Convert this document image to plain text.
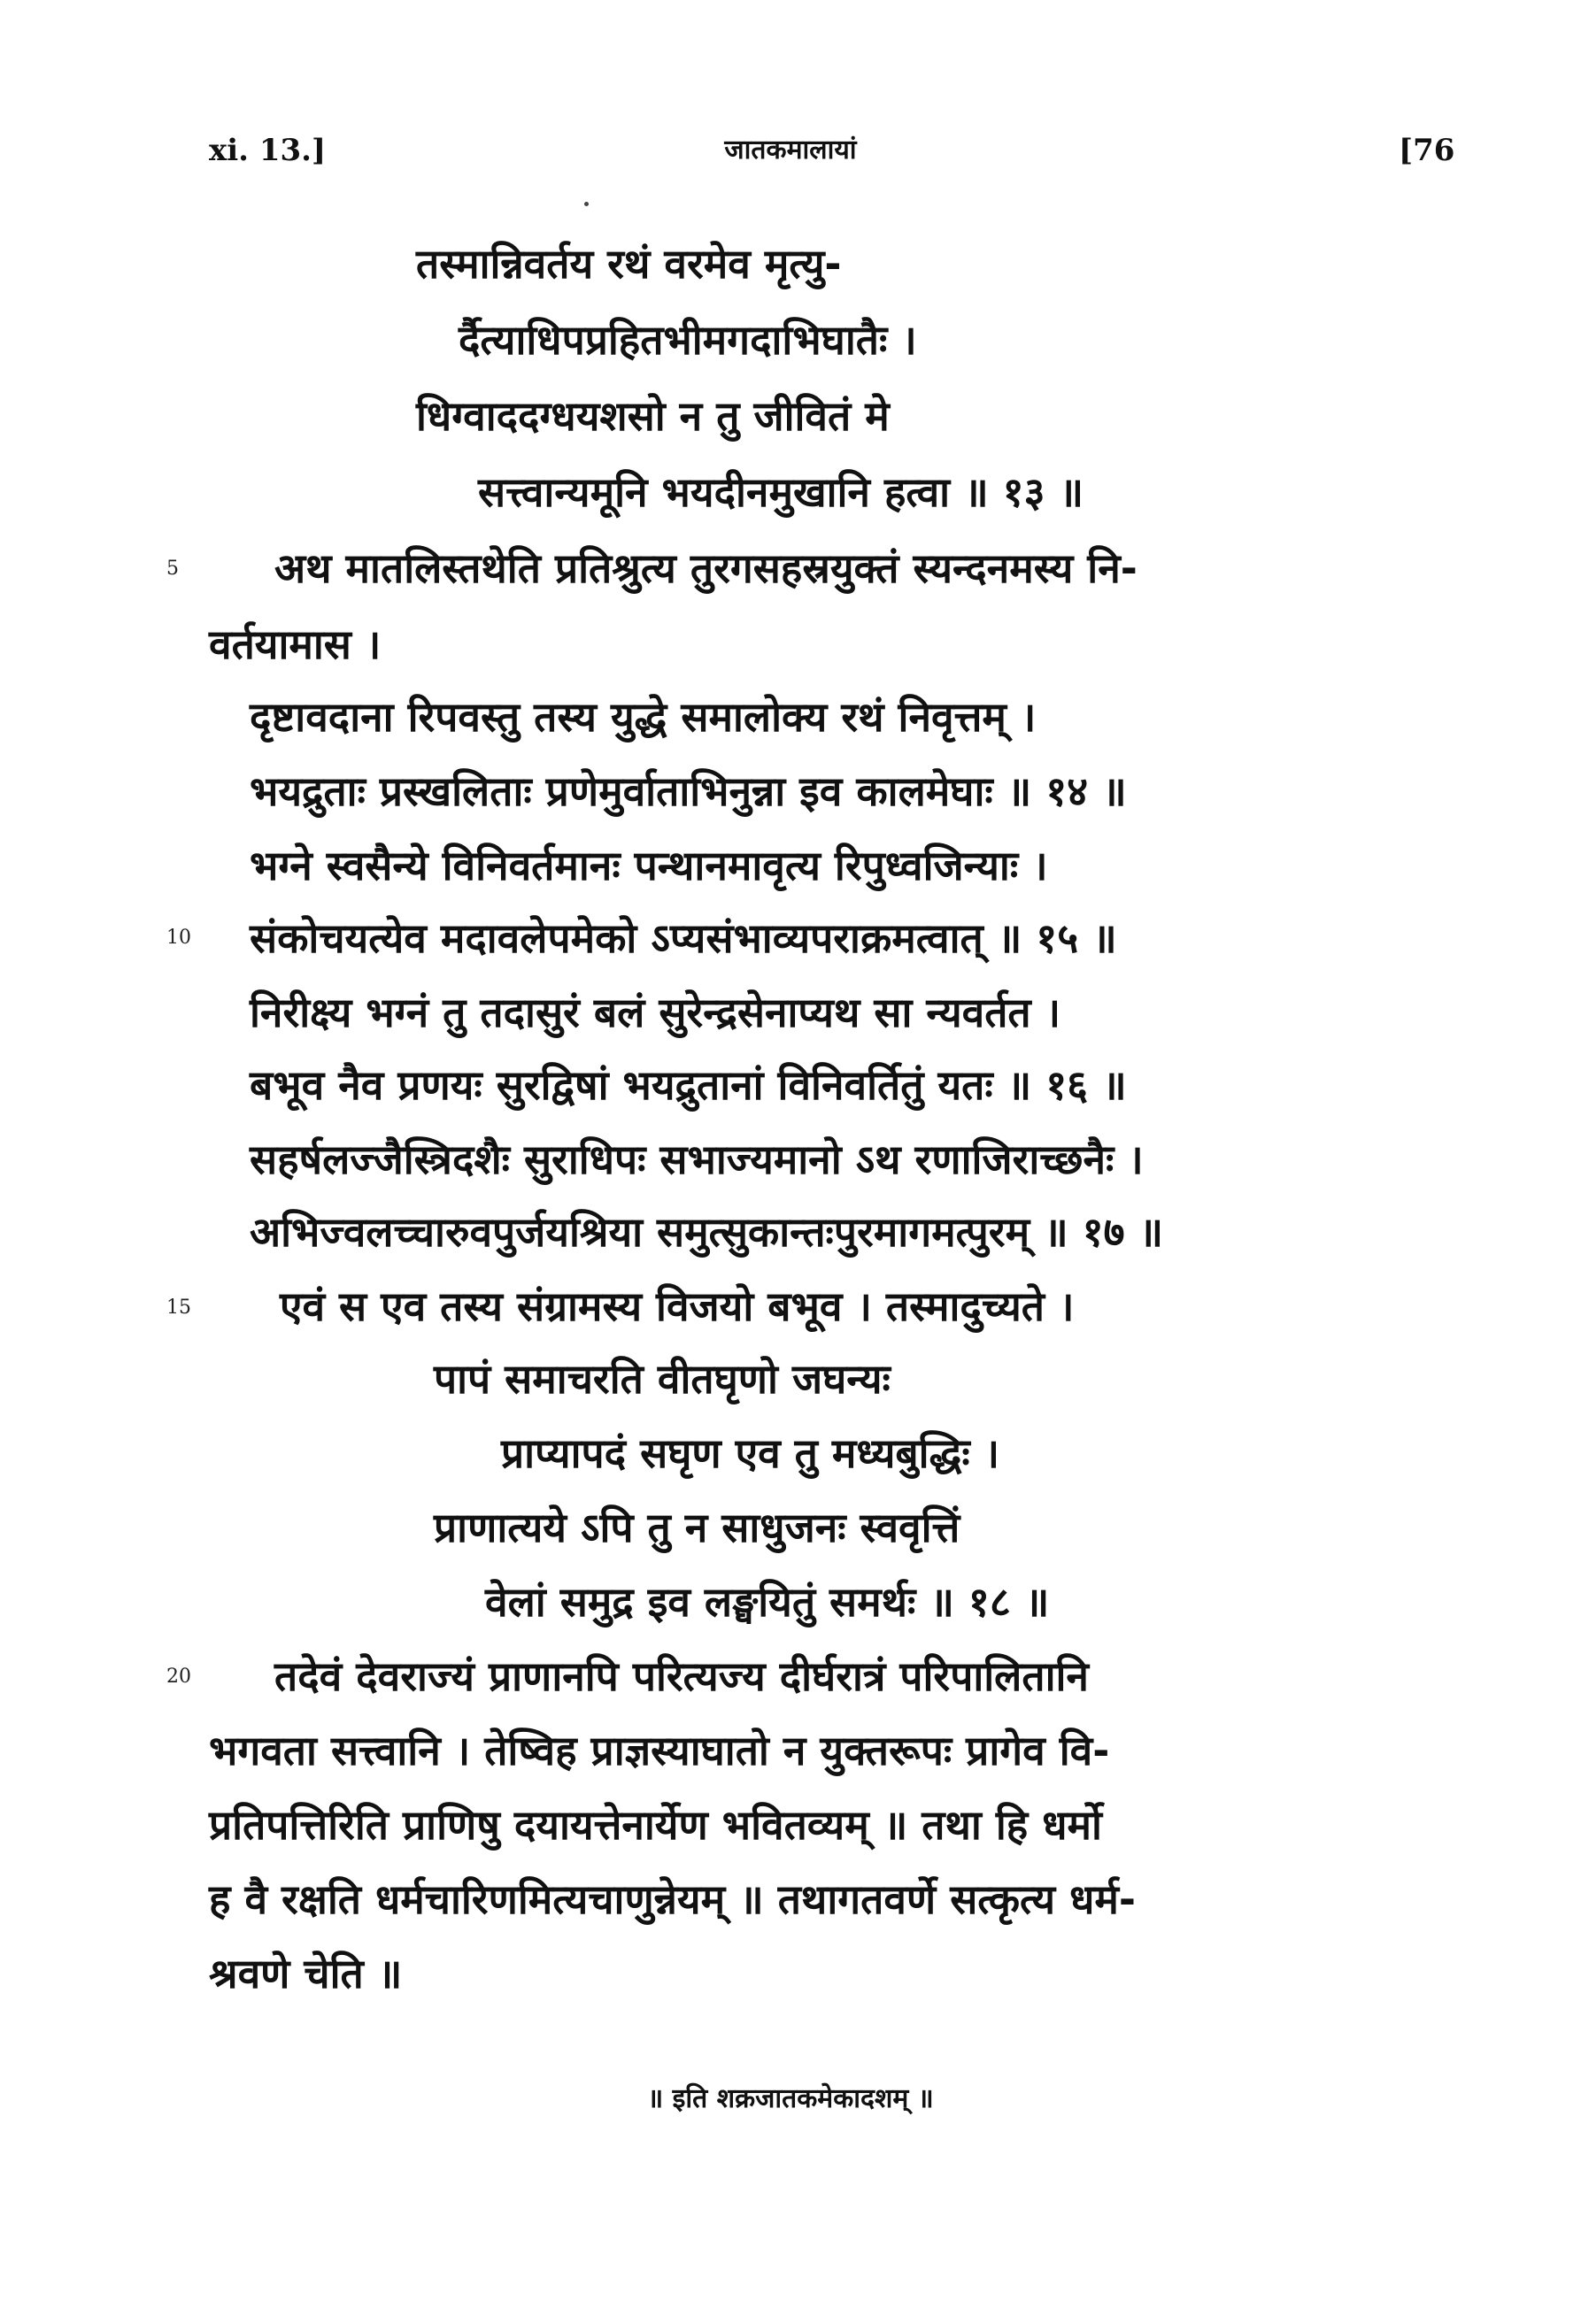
xi. 13.]	जातकमालायां	[76
5
10
15
20
तस्मान्निवर्तय रथं वरमेव मृत्यु-
र्दैत्याधिपप्रहितभीमगदाभिघातैः ।
धिग्वाददग्धयशसो न तु जीवितं मे
सत्त्वान्यमूनि भयदीनमुखानि हत्वा ॥ १३ ॥
अथ मातलिस्तथेति प्रतिश्रुत्य तुरगसहस्रयुक्तं स्यन्दनमस्य नि-
वर्तयामास ।
दृष्टावदाना रिपवस्तु तस्य युद्धे समालोक्य रथं निवृत्तम् ।
भयद्रुताः प्रस्खलिताः प्रणेमुर्वाताभिनुन्ना इव कालमेघाः ॥ १४ ॥
भग्ने स्वसैन्ये विनिवर्तमानः पन्थानमावृत्य रिपुध्वजिन्याः ।
संकोचयत्येव मदावलेपमेको ऽप्यसंभाव्यपराक्रमत्वात् ॥ १५ ॥
निरीक्ष्य भग्नं तु तदासुरं बलं सुरेन्द्रसेनाप्यथ सा न्यवर्तत ।
बभूव नैव प्रणयः सुरद्विषां भयद्रुतानां विनिवर्तितुं यतः ॥ १६ ॥
सहर्षलज्जैस्त्रिदशैः सुराधिपः सभाज्यमानो ऽथ रणाजिराच्छनैः ।
अभिज्वलच्चारुवपुर्जयश्रिया समुत्सुकान्तःपुरमागमत्पुरम् ॥ १७ ॥
एवं स एव तस्य संग्रामस्य विजयो बभूव । तस्मादुच्यते ।
पापं समाचरति वीतघृणो जघन्यः
प्राप्यापदं सघृण एव तु मध्यबुद्धिः ।
प्राणात्यये ऽपि तु न साधुजनः स्ववृत्तिं
वेलां समुद्र इव लङ्घयितुं समर्थः ॥ १८ ॥
तदेवं देवराज्यं प्राणानपि परित्यज्य दीर्घरात्रं परिपालितानि
भगवता सत्त्वानि । तेष्विह प्राज्ञस्याघातो न युक्तरूपः प्रागेव वि-
प्रतिपत्तिरिति प्राणिषु दयायत्तेनार्येण भवितव्यम् ॥ तथा हि धर्मो
ह वै रक्षति धर्मचारिणमित्यचाणुन्नेयम् ॥ तथागतवर्णे सत्कृत्य धर्म-
श्रवणे चेति ॥
॥ इति शक्रजातकमेकादशम् ॥
